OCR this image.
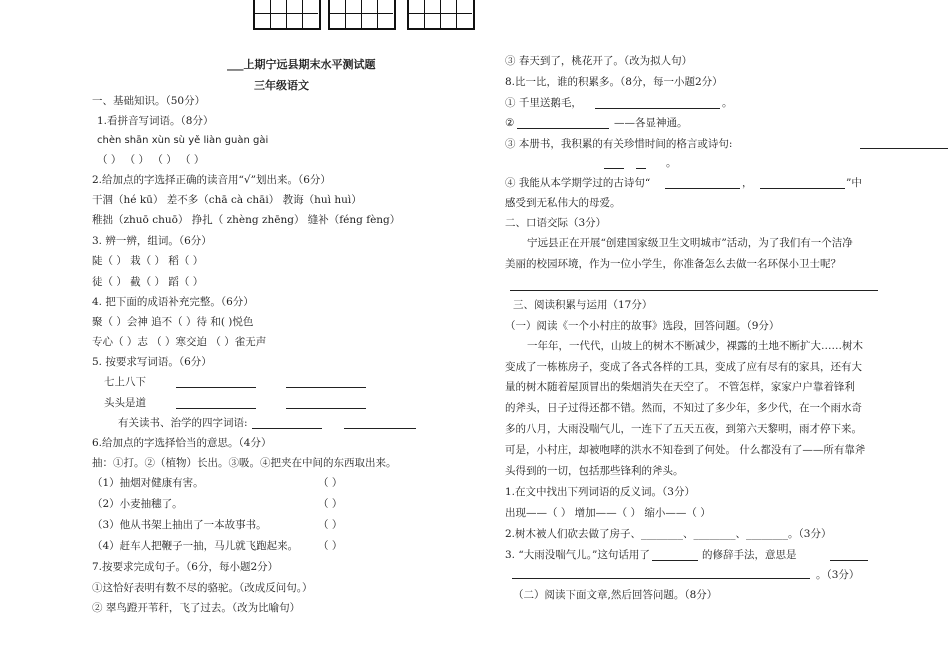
___上期宁远县期末水平测试题
三年级语文
一、基础知识。（50分）
1.看拼音写词语。（8分）
chèn shān xùn sù yě liàn guàn gài
（ ） （ ） （ ） （ ）
2.给加点的字选择正确的读音用“√”划出来。（6分）
干涸（hé kū） 差不多（chā cà chāi） 教诲（huì huì）
稚拙（zhuō chuō） 挣扎（ zhèng zhēng） 缝补（féng fèng）
3. 辨一辨，组词。（6分）
陡（ ） 栽（ ） 稻（ ）
徒（ ） 截（ ） 蹈（ ）
4. 把下面的成语补充完整。（6分）
聚（ ）会神 追不（ ）待 和( )悦色
专心（ ）志 （ ）寒交迫 （ ）雀无声
5. 按要求写词语。（6分）
七上八下
头头是道
有关读书、治学的四字词语:
6.给加点的字选择恰当的意思。（4分）
抽：①打。②（植物）长出。③吸。④把夹在中间的东西取出来。
（1）抽烟对健康有害。	（ ）
（2）小麦抽穗了。	（ ）
（3）他从书架上抽出了一本故事书。	（ ）
（4）赶车人把鞭子一抽，马儿就飞跑起来。 （ ）
7.按要求完成句子。（6分，每小题2分）
①这恰好表明有数不尽的骆驼。（改成反问句。）
② 翠鸟蹬开苇秆，飞了过去。（改为比喻句）
③ 春天到了，桃花开了。（改为拟人句）
8.比一比，谁的积累多。（8分，每一小题2分）
① 千里送鹅毛，	。
②	——各显神通。
③ 本册书，我积累的有关珍惜时间的格言或诗句:
。
④ 我能从本学期学过的古诗句“	，	”中
感受到无私伟大的母爱。
二、口语交际（3分）
宁远县正在开展“创建国家级卫生文明城市”活动，为了我们有一个洁净
美丽的校园环境，作为一位小学生，你准备怎么去做一名环保小卫士呢？
三、阅读积累与运用（17分）
（一）阅读《一个小村庄的故事》选段，回答问题。（9分）
一年年，一代代，山坡上的树木不断减少，裸露的土地不断扩大……树木
变成了一栋栋房子，变成了各式各样的工具，变成了应有尽有的家具，还有大
量的树木随着屋顶冒出的柴烟消失在天空了。 不管怎样，家家户户靠着锋利
的斧头，日子过得还都不错。然而，不知过了多少年，多少代，在一个雨水奇
多的八月，大雨没喘气儿，一连下了五天五夜，到第六天黎明，雨才停下来。
可是，小村庄，却被咆哮的洪水不知卷到了何处。 什么都没有了——所有靠斧
头得到的一切，包括那些锋利的斧头。
1.在文中找出下列词语的反义词。（3分）
出现——（ ） 增加——（ ） 缩小——（ ）
2.树木被人们砍去做了房子、________、________、________。（3分）
3. “大雨没喘气儿。”这句话用了	的修辞手法，意思是
。（3分）
（二）阅读下面文章,然后回答问题。（8分）
